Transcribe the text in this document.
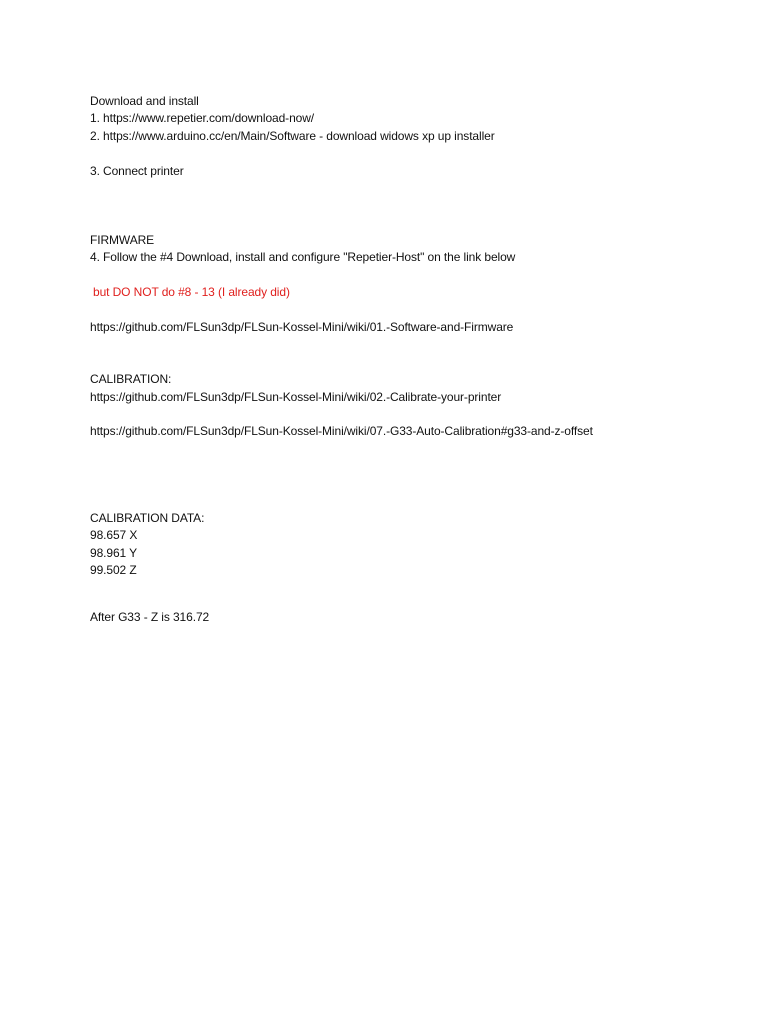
Download and install
1. https://www.repetier.com/download-now/
2. https://www.arduino.cc/en/Main/Software - download widows xp up installer
3. Connect printer
FIRMWARE
4. Follow the #4 Download, install and configure "Repetier-Host" on the link below
but DO NOT do #8 - 13 (I already did)
https://github.com/FLSun3dp/FLSun-Kossel-Mini/wiki/01.-Software-and-Firmware
CALIBRATION:
https://github.com/FLSun3dp/FLSun-Kossel-Mini/wiki/02.-Calibrate-your-printer
https://github.com/FLSun3dp/FLSun-Kossel-Mini/wiki/07.-G33-Auto-Calibration#g33-and-z-offset
CALIBRATION DATA:
98.657 X
98.961 Y
99.502 Z
After G33 - Z is 316.72
